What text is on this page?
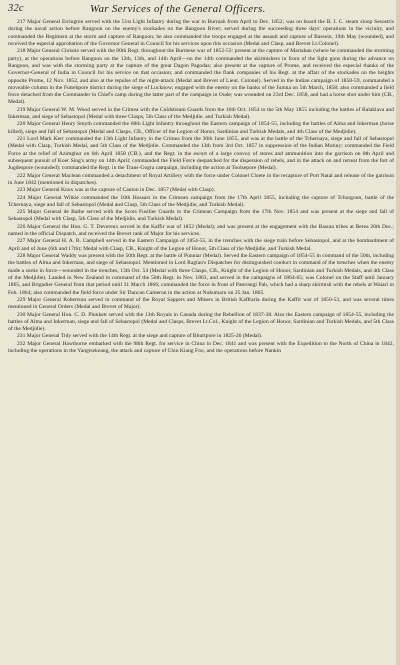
32c	War Services of the General Officers.

217 Major General Errington served with the 51st Light Infantry during the war in Burmah from April to Dec. 1852; was on board the B. I. C. steam sloop Sesostris during the naval action before Rangoon on the enemy's stockades on the Rangoon River; served during the succeeding three days' operations in the vicinity, and commanded the Regiment at the storm and capture of Rangoon; he also commanded the troops engaged at the assault and capture of Bassein, 19th May (wounded), and received the especial approbation of the Governor General in Council for his services upon this occasion (Medal and Clasp, and Brevet Lt.Colonel).

218 Major General Christie served with the 80th Regt. throughout the Burmese war of 1852-53: present at the capture of Martaban (where he commanded the storming party), at the operations before Rangoon on the 12th, 13th, and 14th April—on the 14th commanded the skirmishers in front of the light guns during the advance on Rangoon, and was with the storming party at the capture of the great Dagon Pagodas; also present at the capture of Prome, and received the especial thanks of the Governor-General of India in Council for his service on that occasion; and commanded the flank companies of his Regt. at the affair of the stockades on the heights opposite Prome, 12 Nov. 1852, and also at the repulse of the night-attack (Medal and Brevet of Lieut. Colonel). Served in the Indian campaign of 1858-59, commanded a moveable column in the Futtehpore district during the siege of Lucknow; engaged with the enemy on the banks of the Jumna on 5th March, 1858; also commanded a field force detached from the Commander in Chief's camp during the latter part of the campaign in Oude; was wounded on 23rd Dec. 1858, and had a horse shot under him (CB., Medal).

219 Major General W. M. Wood served in the Crimea with the Coldstream Guards from the 16th Oct. 1854 to the 5th May 1855 including the battles of Balaklava and Inkerman, and siege of Sebastopol (Medal with three Clasps, 5th Class of the Medjidie, and Turkish Medal).

220 Major General Henry Smyth commanded the 68th Light Infantry throughout the Eastern campaign of 1854-55, including the battles of Alma and Inkerman (horse killed), siege and fall of Sebastopol (Medal and Clasps, CB., Officer of the Legion of Honor, Sardinian and Turkish Medals, and 4th Class of the Medjidie).

221 Lord Mark Kerr commanded the 13th Light Infantry in the Crimea from the 30th June 1855, and was at the battle of the Tchernaya, siege and fall of Sebastopol (Medal with Clasp, Turkish Medal, and 5th Class of the Medjidie. Commanded the 13th from 3rd Oct. 1857 in suppression of the Indian Mutiny; commanded the Field Force at the relief of Azimghur on 6th April 1858 (CB.), and the Regt. in the escort of a large convoy of stores and ammunition into the garrison on 8th April and subsequent pursuit of Koer Sing's army on 14th April; commanded the Field Force despatched for the dispersion of rebels, and in the attack on and retreat from the fort of Jugdespore (wounded); commanded the Regt. in the Trans-Gogra campaign, including the action at Toolsepore (Medal).

222 Major General Maclean commanded a detachment of Royal Artillery with the force under Colonel Cloete in the recapture of Port Natal and release of the garrison in June 1842 (mentioned in dispatches).

223 Major General Knox was at the capture of Canton in Dec. 1857 (Medal with Clasp).

224 Major General Wilkie commanded the 10th Hussars in the Crimean campaign from the 17th April 1855, including the capture of Tchorgoun, battle of the Tchernaya, siege and fall of Sebastopol (Medal and Clasp, 5th Class of the Medjidie, and Turkish Medal).

225 Major General de Bathe served with the Scots Fusilier Guards in the Crimean Campaign from the 17th Nov. 1854 and was present at the siege and fall of Sebastopol (Medal with Clasp, 5th Class of the Medjidie, and Turkish Medal).

226 Major General the Hon. G. T. Devereux served in the Kaffir war of 1852 (Medal); and was present at the engagement with the Basuta tribes at Berea 20th Dec.; named in the official Dispatch, and received the Brevet rank of Major for his services.

227 Major General H. A. B. Campbell served in the Eastern Campaign of 1854-55, in the trenches with the siege train before Sebastopol, and at the bombardment of April and of June (6th and 17th); Medal with Clasp, CB., Knight of the Legion of Honor, 5th Class of the Medjidie, and Turkish Medal.

228 Major General Waddy was present with the 50th Regt. at the battle of Punniar (Medal). Served the Eastern campaign of 1854-55 in command of the 50th, including the battles of Alma and Inkerman, and siege of Sebastopol. Mentioned in Lord Raglan's Dispatches for distinguished conduct in command of the trenches when the enemy made a sortie in force—wounded in the trenches, 13th Oct. 54 (Medal with three Clasps, CB., Knight of the Legion of Honor, Sardinian and Turkish Medals, and 4th Class of the Medjidie). Landed in New Zealand in command of the 50th Regt. in Nov. 1863, and served in the campaigns of 1864-65; was Colonel on the Staff until January 1865, and Brigadier General from that period until 31 March 1866; commanded the force in front of Paterangi Pah, which had a sharp skirmish with the rebels at Waiari in Feb. 1864; also commanded the field force under Sir Duncan Cameron in the action at Nukumaru on 25 Jan. 1865.

229 Major General Robertson served in command of the Royal Sappers and Miners in British Kaffraria during the Kaffir war of 1850-53, and was several times mentioned in General Orders (Medal and Brevet of Major).

230 Major General Hon. C. D. Plunkett served with the 13th Royals in Canada during the Rebellion of 1837-38. Also the Eastern campaign of 1854-55, including the battles of Alma and Inkerman, siege and fall of Sebastopol (Medal and Clasps, Brevet Lt.Col., Knight of the Legion of Honor, Sardinian and Turkish Medals, and 5th Class of the Medjidie).

231 Major General Tidy served with the 14th Regt. at the siege and capture of Bhurtpore in 1825-26 (Medal).

232 Major General Hawthorne embarked with the 98th Regt. for service in China in Dec. 1841 and was present with the Expedition to the North of China in 1842, including the operations in the Yangtsekeang, the attack and capture of Chin Kiang Foo, and the operations before Nankin
